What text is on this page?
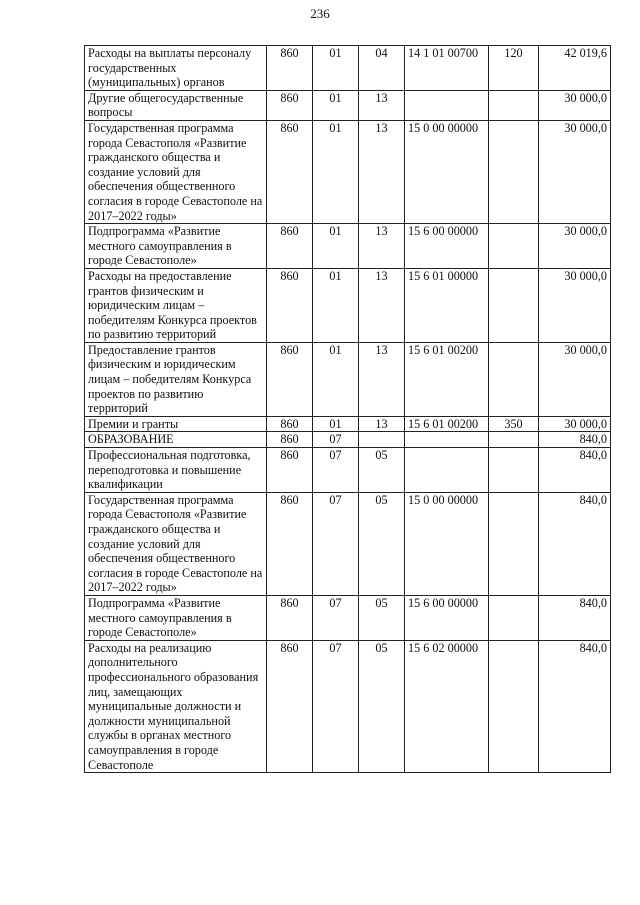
236
Расходы на выплаты персоналу государственных (муниципальных) органов	860	01	04	14 1 01 00700	120	42 019,6
Другие общегосударственные вопросы	860	01	13			30 000,0
Государственная программа города Севастополя «Развитие гражданского общества и создание условий для обеспечения общественного согласия в городе Севастополе на 2017–2022 годы»	860	01	13	15 0 00 00000		30 000,0
Подпрограмма «Развитие местного самоуправления в городе Севастополе»	860	01	13	15 6 00 00000		30 000,0
Расходы на предоставление грантов физическим и юридическим лицам – победителям Конкурса проектов по развитию территорий	860	01	13	15 6 01 00000		30 000,0
Предоставление грантов физическим и юридическим лицам – победителям Конкурса проектов по развитию территорий	860	01	13	15 6 01 00200		30 000,0
Премии и гранты	860	01	13	15 6 01 00200	350	30 000,0
ОБРАЗОВАНИЕ	860	07				840,0
Профессиональная подготовка, переподготовка и повышение квалификации	860	07	05			840,0
Государственная программа города Севастополя «Развитие гражданского общества и создание условий для обеспечения общественного согласия в городе Севастополе на 2017–2022 годы»	860	07	05	15 0 00 00000		840,0
Подпрограмма «Развитие местного самоуправления в городе Севастополе»	860	07	05	15 6 00 00000		840,0
Расходы на реализацию дополнительного профессионального образования лиц, замещающих муниципальные должности и должности муниципальной службы в органах местного самоуправления в городе Севастополе	860	07	05	15 6 02 00000		840,0
